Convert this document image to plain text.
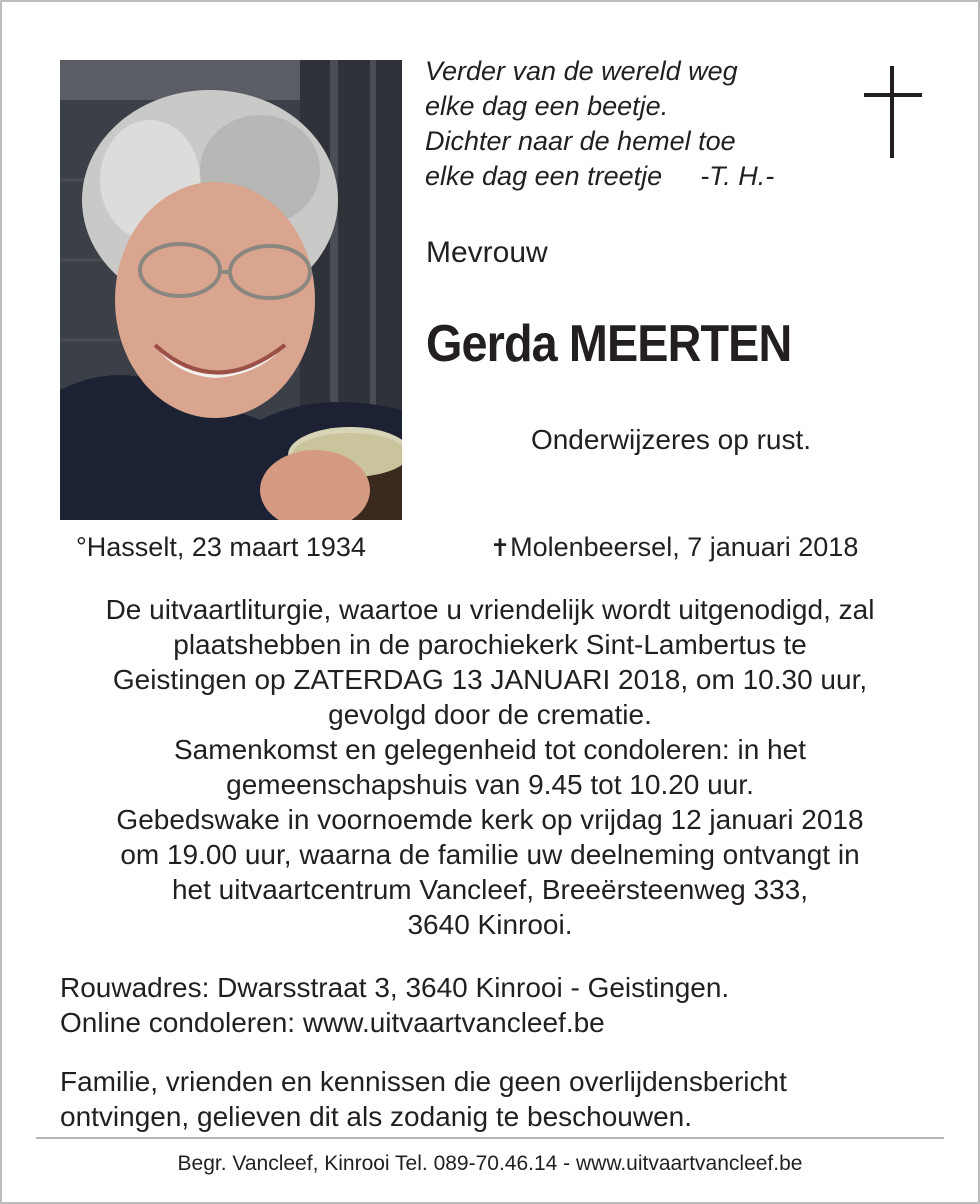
Verder van de wereld weg
elke dag een beetje.
Dichter naar de hemel toe
elke dag een treetje -T. H.-
Mevrouw
Gerda MEERTEN
Onderwijzeres op rust.
°Hasselt, 23 maart 1934	✝Molenbeersel, 7 januari 2018
De uitvaartliturgie, waartoe u vriendelijk wordt uitgenodigd, zal
plaatshebben in de parochiekerk Sint-Lambertus te
Geistingen op ZATERDAG 13 JANUARI 2018, om 10.30 uur,
gevolgd door de crematie.
Samenkomst en gelegenheid tot condoleren: in het
gemeenschapshuis van 9.45 tot 10.20 uur.
Gebedswake in voornoemde kerk op vrijdag 12 januari 2018
om 19.00 uur, waarna de familie uw deelneming ontvangt in
het uitvaartcentrum Vancleef, Breeërsteenweg 333,
3640 Kinrooi.
Rouwadres: Dwarsstraat 3, 3640 Kinrooi - Geistingen.
Online condoleren: www.uitvaartvancleef.be
Familie, vrienden en kennissen die geen overlijdensbericht
ontvingen, gelieven dit als zodanig te beschouwen.
Begr. Vancleef, Kinrooi Tel. 089-70.46.14 - www.uitvaartvancleef.be
